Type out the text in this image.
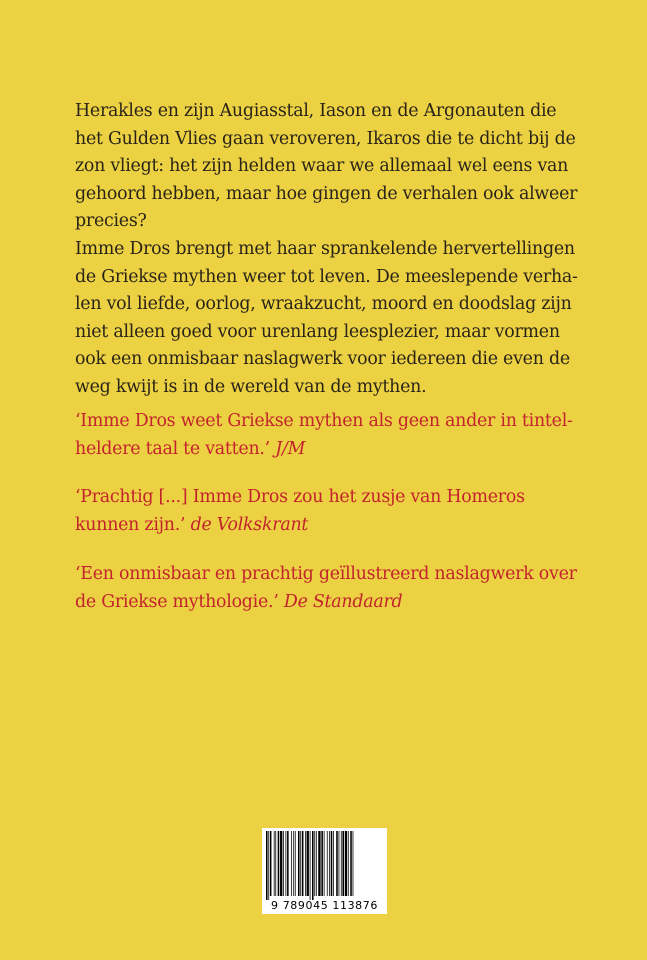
Herakles en zijn Augiasstal, Iason en de Argonauten die
het Gulden Vlies gaan veroveren, Ikaros die te dicht bij de
zon vliegt: het zijn helden waar we allemaal wel eens van
gehoord hebben, maar hoe gingen de verhalen ook alweer
precies?
Imme Dros brengt met haar sprankelende hervertellingen
de Griekse mythen weer tot leven. De meeslepende verha-
len vol liefde, oorlog, wraakzucht, moord en doodslag zijn
niet alleen goed voor urenlang leesplezier, maar vormen
ook een onmisbaar naslagwerk voor iedereen die even de
weg kwijt is in de wereld van de mythen.
‘Imme Dros weet Griekse mythen als geen ander in tintel-
heldere taal te vatten.’ J/M
‘Prachtig [...] Imme Dros zou het zusje van Homeros
kunnen zijn.’ de Volkskrant
‘Een onmisbaar en prachtig geïllustreerd naslagwerk over
de Griekse mythologie.’ De Standaard
9 789045 113876
